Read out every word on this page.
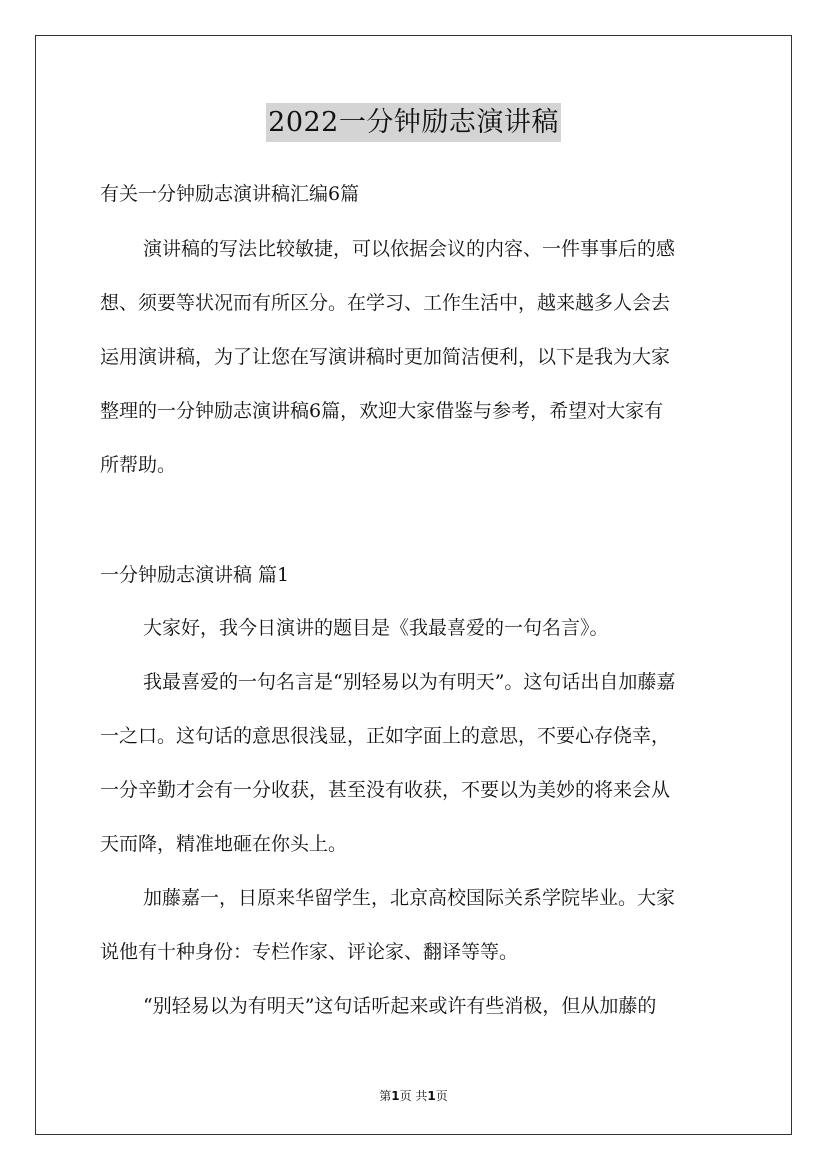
2022一分钟励志演讲稿
有关一分钟励志演讲稿汇编6篇
演讲稿的写法比较敏捷，可以依据会议的内容、一件事事后的感
想、须要等状况而有所区分。在学习、工作生活中，越来越多人会去
运用演讲稿，为了让您在写演讲稿时更加简洁便利，以下是我为大家
整理的一分钟励志演讲稿6篇，欢迎大家借鉴与参考，希望对大家有
所帮助。
一分钟励志演讲稿 篇1
大家好，我今日演讲的题目是《我最喜爱的一句名言》。
我最喜爱的一句名言是“别轻易以为有明天”。这句话出自加藤嘉
一之口。这句话的意思很浅显，正如字面上的意思，不要心存侥幸，
一分辛勤才会有一分收获，甚至没有收获，不要以为美妙的将来会从
天而降，精准地砸在你头上。
加藤嘉一，日原来华留学生，北京高校国际关系学院毕业。大家
说他有十种身份：专栏作家、评论家、翻译等等。
“别轻易以为有明天”这句话听起来或许有些消极，但从加藤的
第1页 共1页
